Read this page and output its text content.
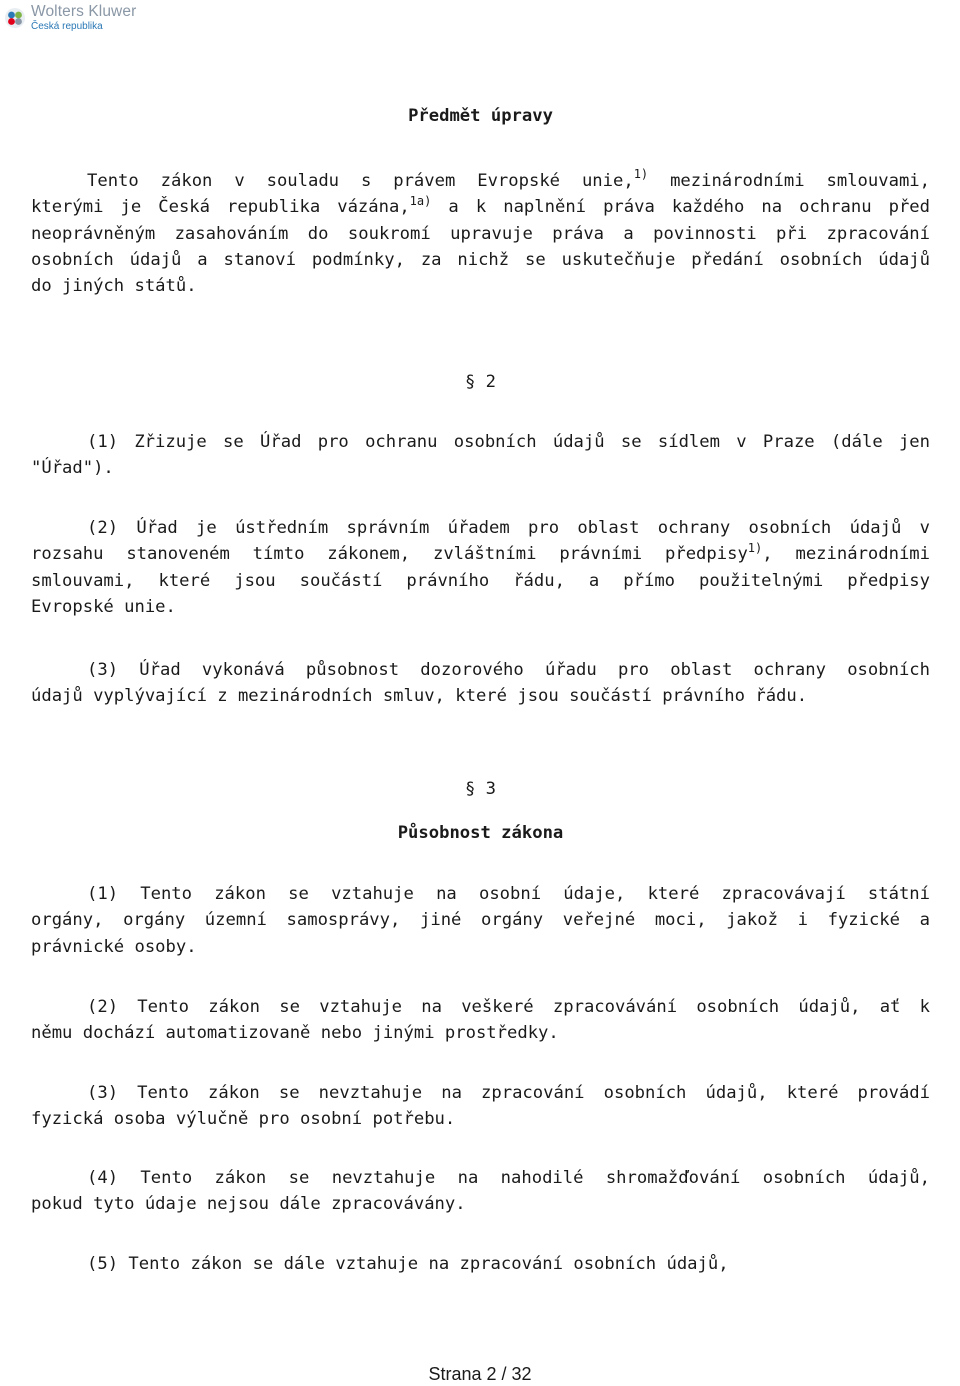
Wolters Kluwer
Česká republika
Předmět úpravy
Tento zákon v souladu s právem Evropské unie,$^{1)}$ mezinárodními smlouvami,
kterými je Česká republika vázána,$^{1a)}$ a k naplnění práva každého na ochranu před
neoprávněným zasahováním do soukromí upravuje práva a povinnosti při zpracování
osobních údajů a stanoví podmínky, za nichž se uskutečňuje předání osobních údajů
do jiných států.
§ 2
(1) Zřizuje se Úřad pro ochranu osobních údajů se sídlem v Praze (dále jen
"Úřad").
(2) Úřad je ústředním správním úřadem pro oblast ochrany osobních údajů v
rozsahu stanoveném tímto zákonem, zvláštními právními předpisy$^{1)}$, mezinárodními
smlouvami, které jsou součástí právního řádu, a přímo použitelnými předpisy
Evropské unie.
(3) Úřad vykonává působnost dozorového úřadu pro oblast ochrany osobních
údajů vyplývající z mezinárodních smluv, které jsou součástí právního řádu.
§ 3
Působnost zákona
(1) Tento zákon se vztahuje na osobní údaje, které zpracovávají státní
orgány, orgány územní samosprávy, jiné orgány veřejné moci, jakož i fyzické a
právnické osoby.
(2) Tento zákon se vztahuje na veškeré zpracovávání osobních údajů, ať k
němu dochází automatizovaně nebo jinými prostředky.
(3) Tento zákon se nevztahuje na zpracování osobních údajů, které provádí
fyzická osoba výlučně pro osobní potřebu.
(4) Tento zákon se nevztahuje na nahodilé shromažďování osobních údajů,
pokud tyto údaje nejsou dále zpracovávány.
(5) Tento zákon se dále vztahuje na zpracování osobních údajů,
Strana 2 / 32
